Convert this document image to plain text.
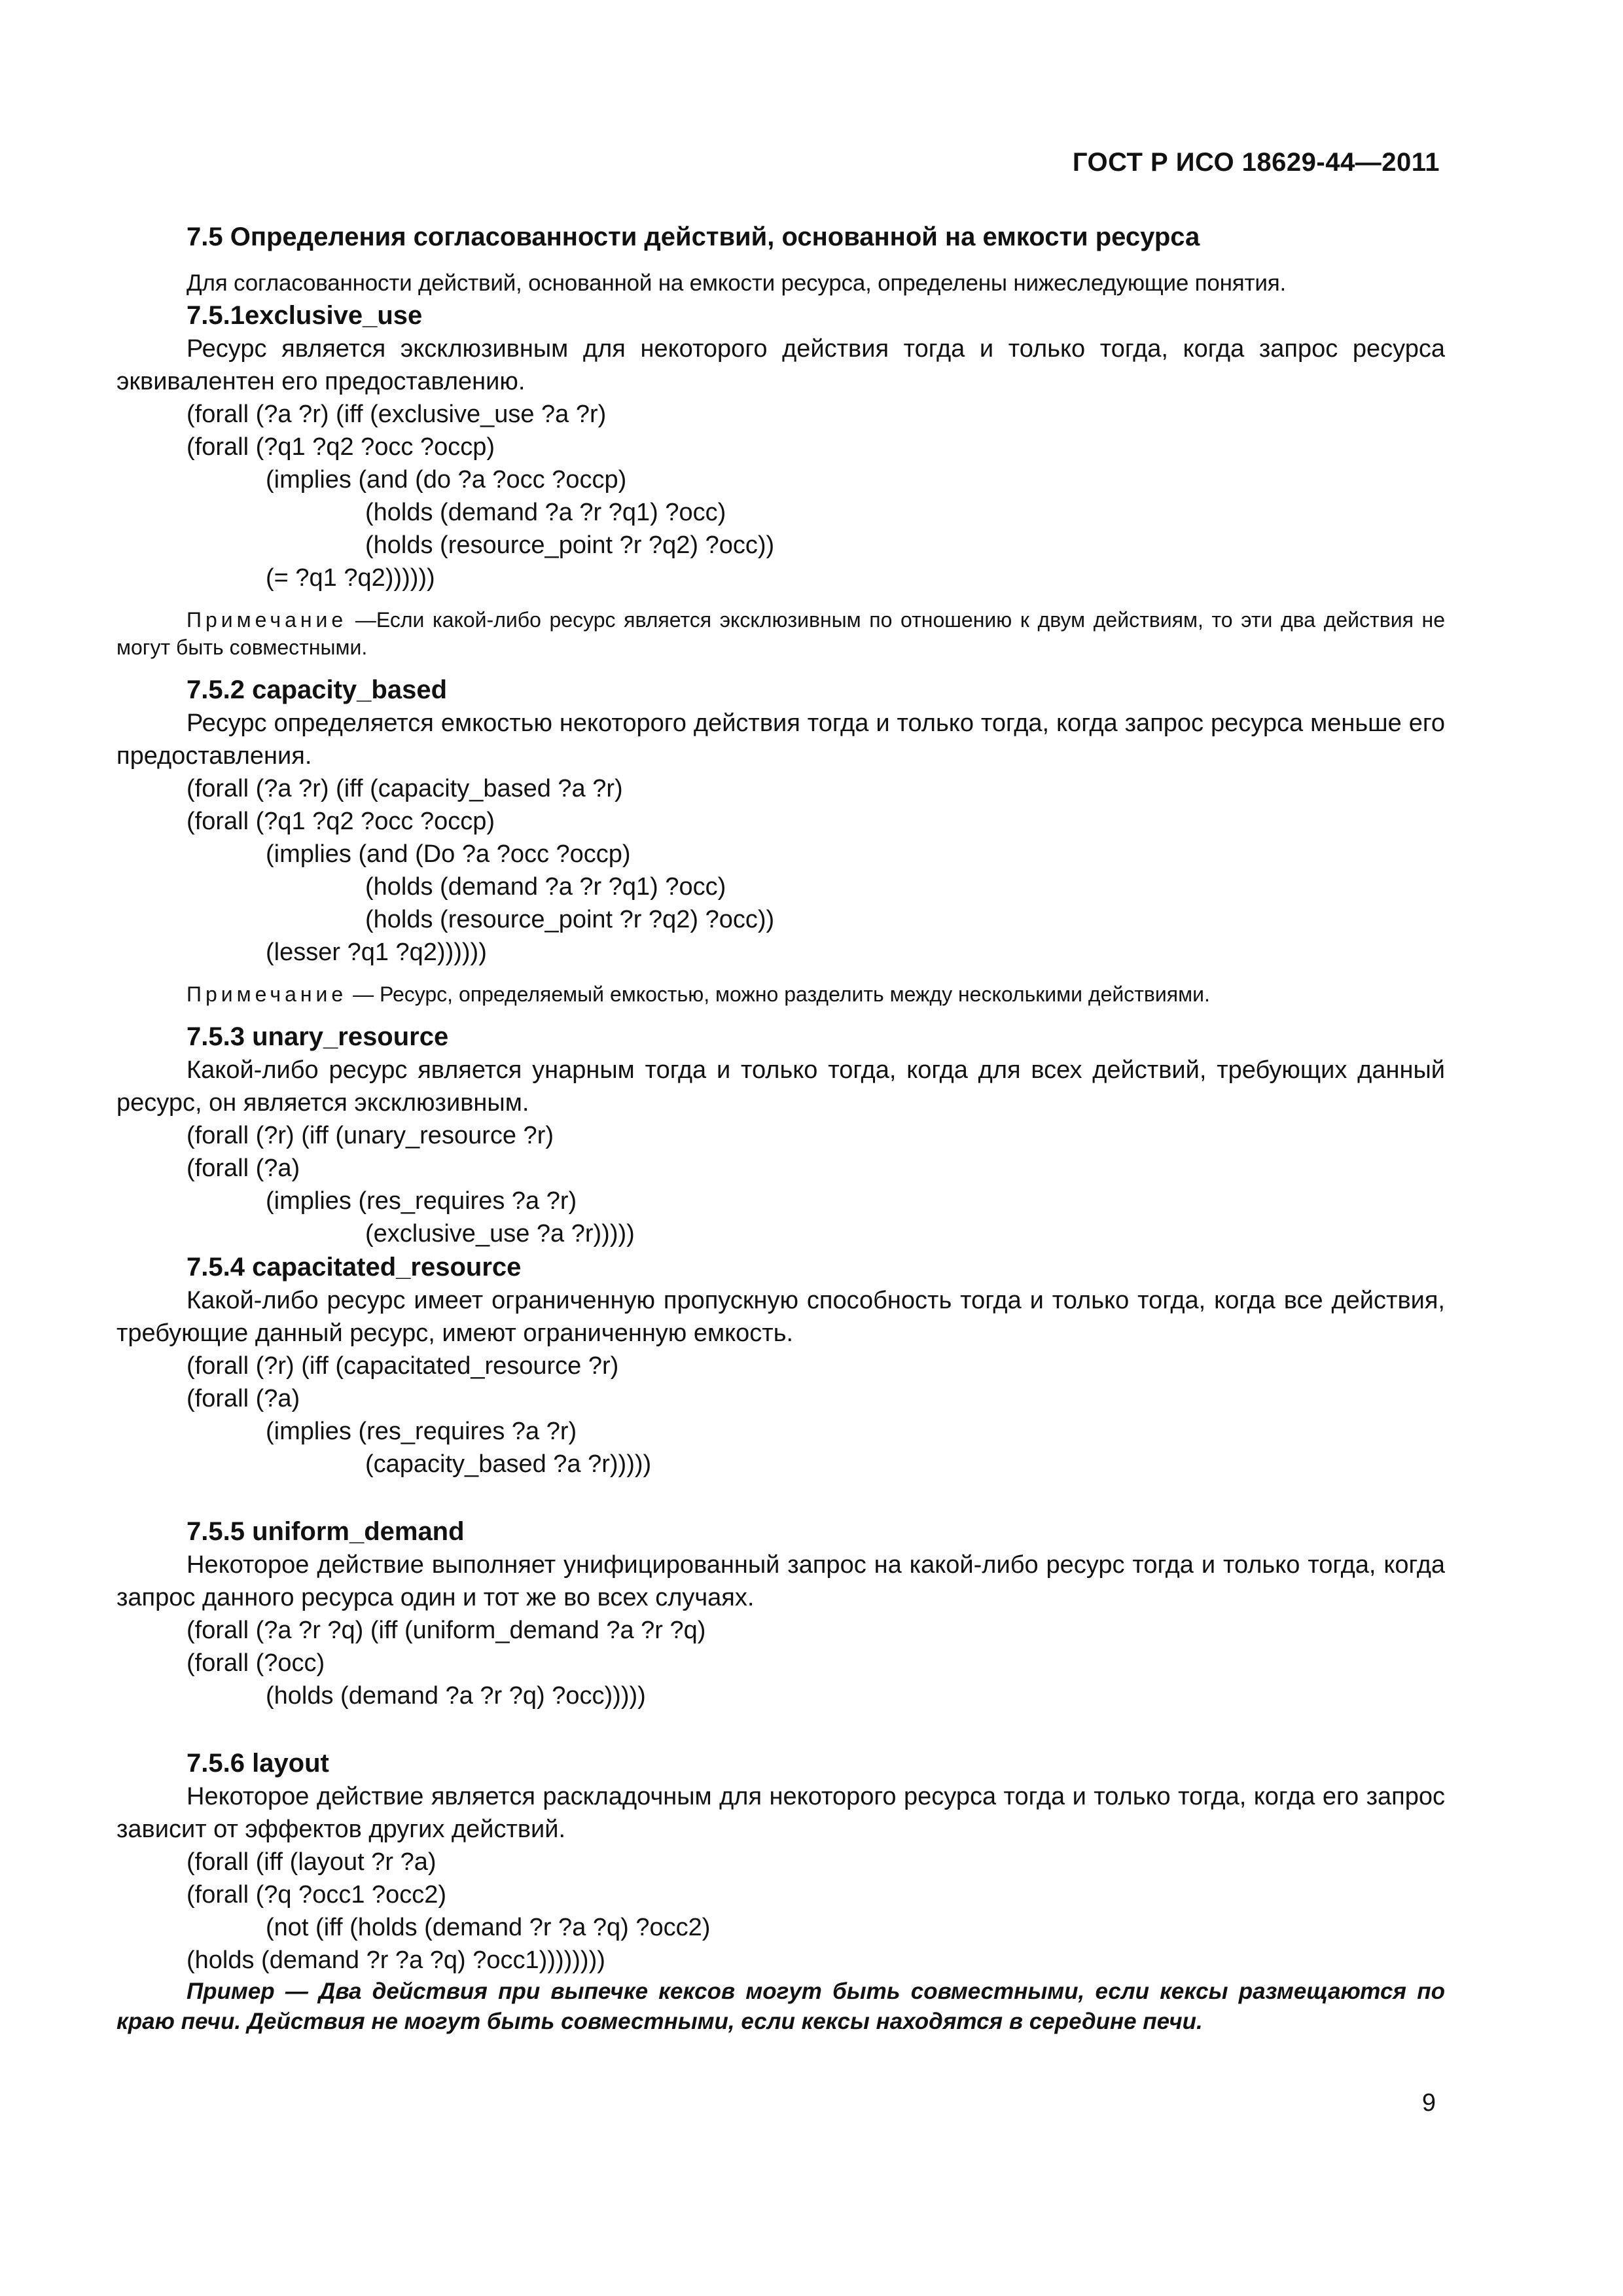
ГОСТ Р ИСО 18629-44—2011
7.5 Определения согласованности действий, основанной на емкости ресурса
Для согласованности действий, основанной на емкости ресурса, определены нижеследующие понятия.
7.5.1exclusive_use
Ресурс является эксклюзивным для некоторого действия тогда и только тогда, когда запрос ресурса эквивалентен его предоставлению.
(forall (?a ?r) (iff (exclusive_use ?a ?r)
(forall (?q1 ?q2 ?occ ?occp)
(implies (and (do ?a ?occ ?occp)
(holds (demand ?a ?r ?q1) ?occ)
(holds (resource_point ?r ?q2) ?occ))
(= ?q1 ?q2))))))
Примечание —Если какой-либо ресурс является эксклюзивным по отношению к двум действиям, то эти два действия не могут быть совместными.
7.5.2 capacity_based
Ресурс определяется емкостью некоторого действия тогда и только тогда, когда запрос ресурса меньше его предоставления.
(forall (?a ?r) (iff (capacity_based ?a ?r)
(forall (?q1 ?q2 ?occ ?occp)
(implies (and (Do ?a ?occ ?occp)
(holds (demand ?a ?r ?q1) ?occ)
(holds (resource_point ?r ?q2) ?occ))
(lesser ?q1 ?q2))))))
Примечание — Ресурс, определяемый емкостью, можно разделить между несколькими действиями.
7.5.3 unary_resource
Какой-либо ресурс является унарным тогда и только тогда, когда для всех действий, требующих данный ресурс, он является эксклюзивным.
(forall (?r) (iff (unary_resource ?r)
(forall (?a)
(implies (res_requires ?a ?r)
(exclusive_use ?a ?r)))))
7.5.4 capacitated_resource
Какой-либо ресурс имеет ограниченную пропускную способность тогда и только тогда, когда все действия, требующие данный ресурс, имеют ограниченную емкость.
(forall (?r) (iff (capacitated_resource ?r)
(forall (?a)
(implies (res_requires ?a ?r)
(capacity_based ?a ?r)))))
7.5.5 uniform_demand
Некоторое действие выполняет унифицированный запрос на какой-либо ресурс тогда и только тогда, когда запрос данного ресурса один и тот же во всех случаях.
(forall (?a ?r ?q) (iff (uniform_demand ?a ?r ?q)
(forall (?occ)
(holds (demand ?a ?r ?q) ?occ)))))
7.5.6 layout
Некоторое действие является раскладочным для некоторого ресурса тогда и только тогда, когда его запрос зависит от эффектов других действий.
(forall (iff (layout ?r ?a)
(forall (?q ?occ1 ?occ2)
(not (iff (holds (demand ?r ?a ?q) ?occ2)
(holds (demand ?r ?a ?q) ?occ1))))))))
Пример — Два действия при выпечке кексов могут быть совместными, если кексы размещаются по краю печи. Действия не могут быть совместными, если кексы находятся в середине печи.
9
